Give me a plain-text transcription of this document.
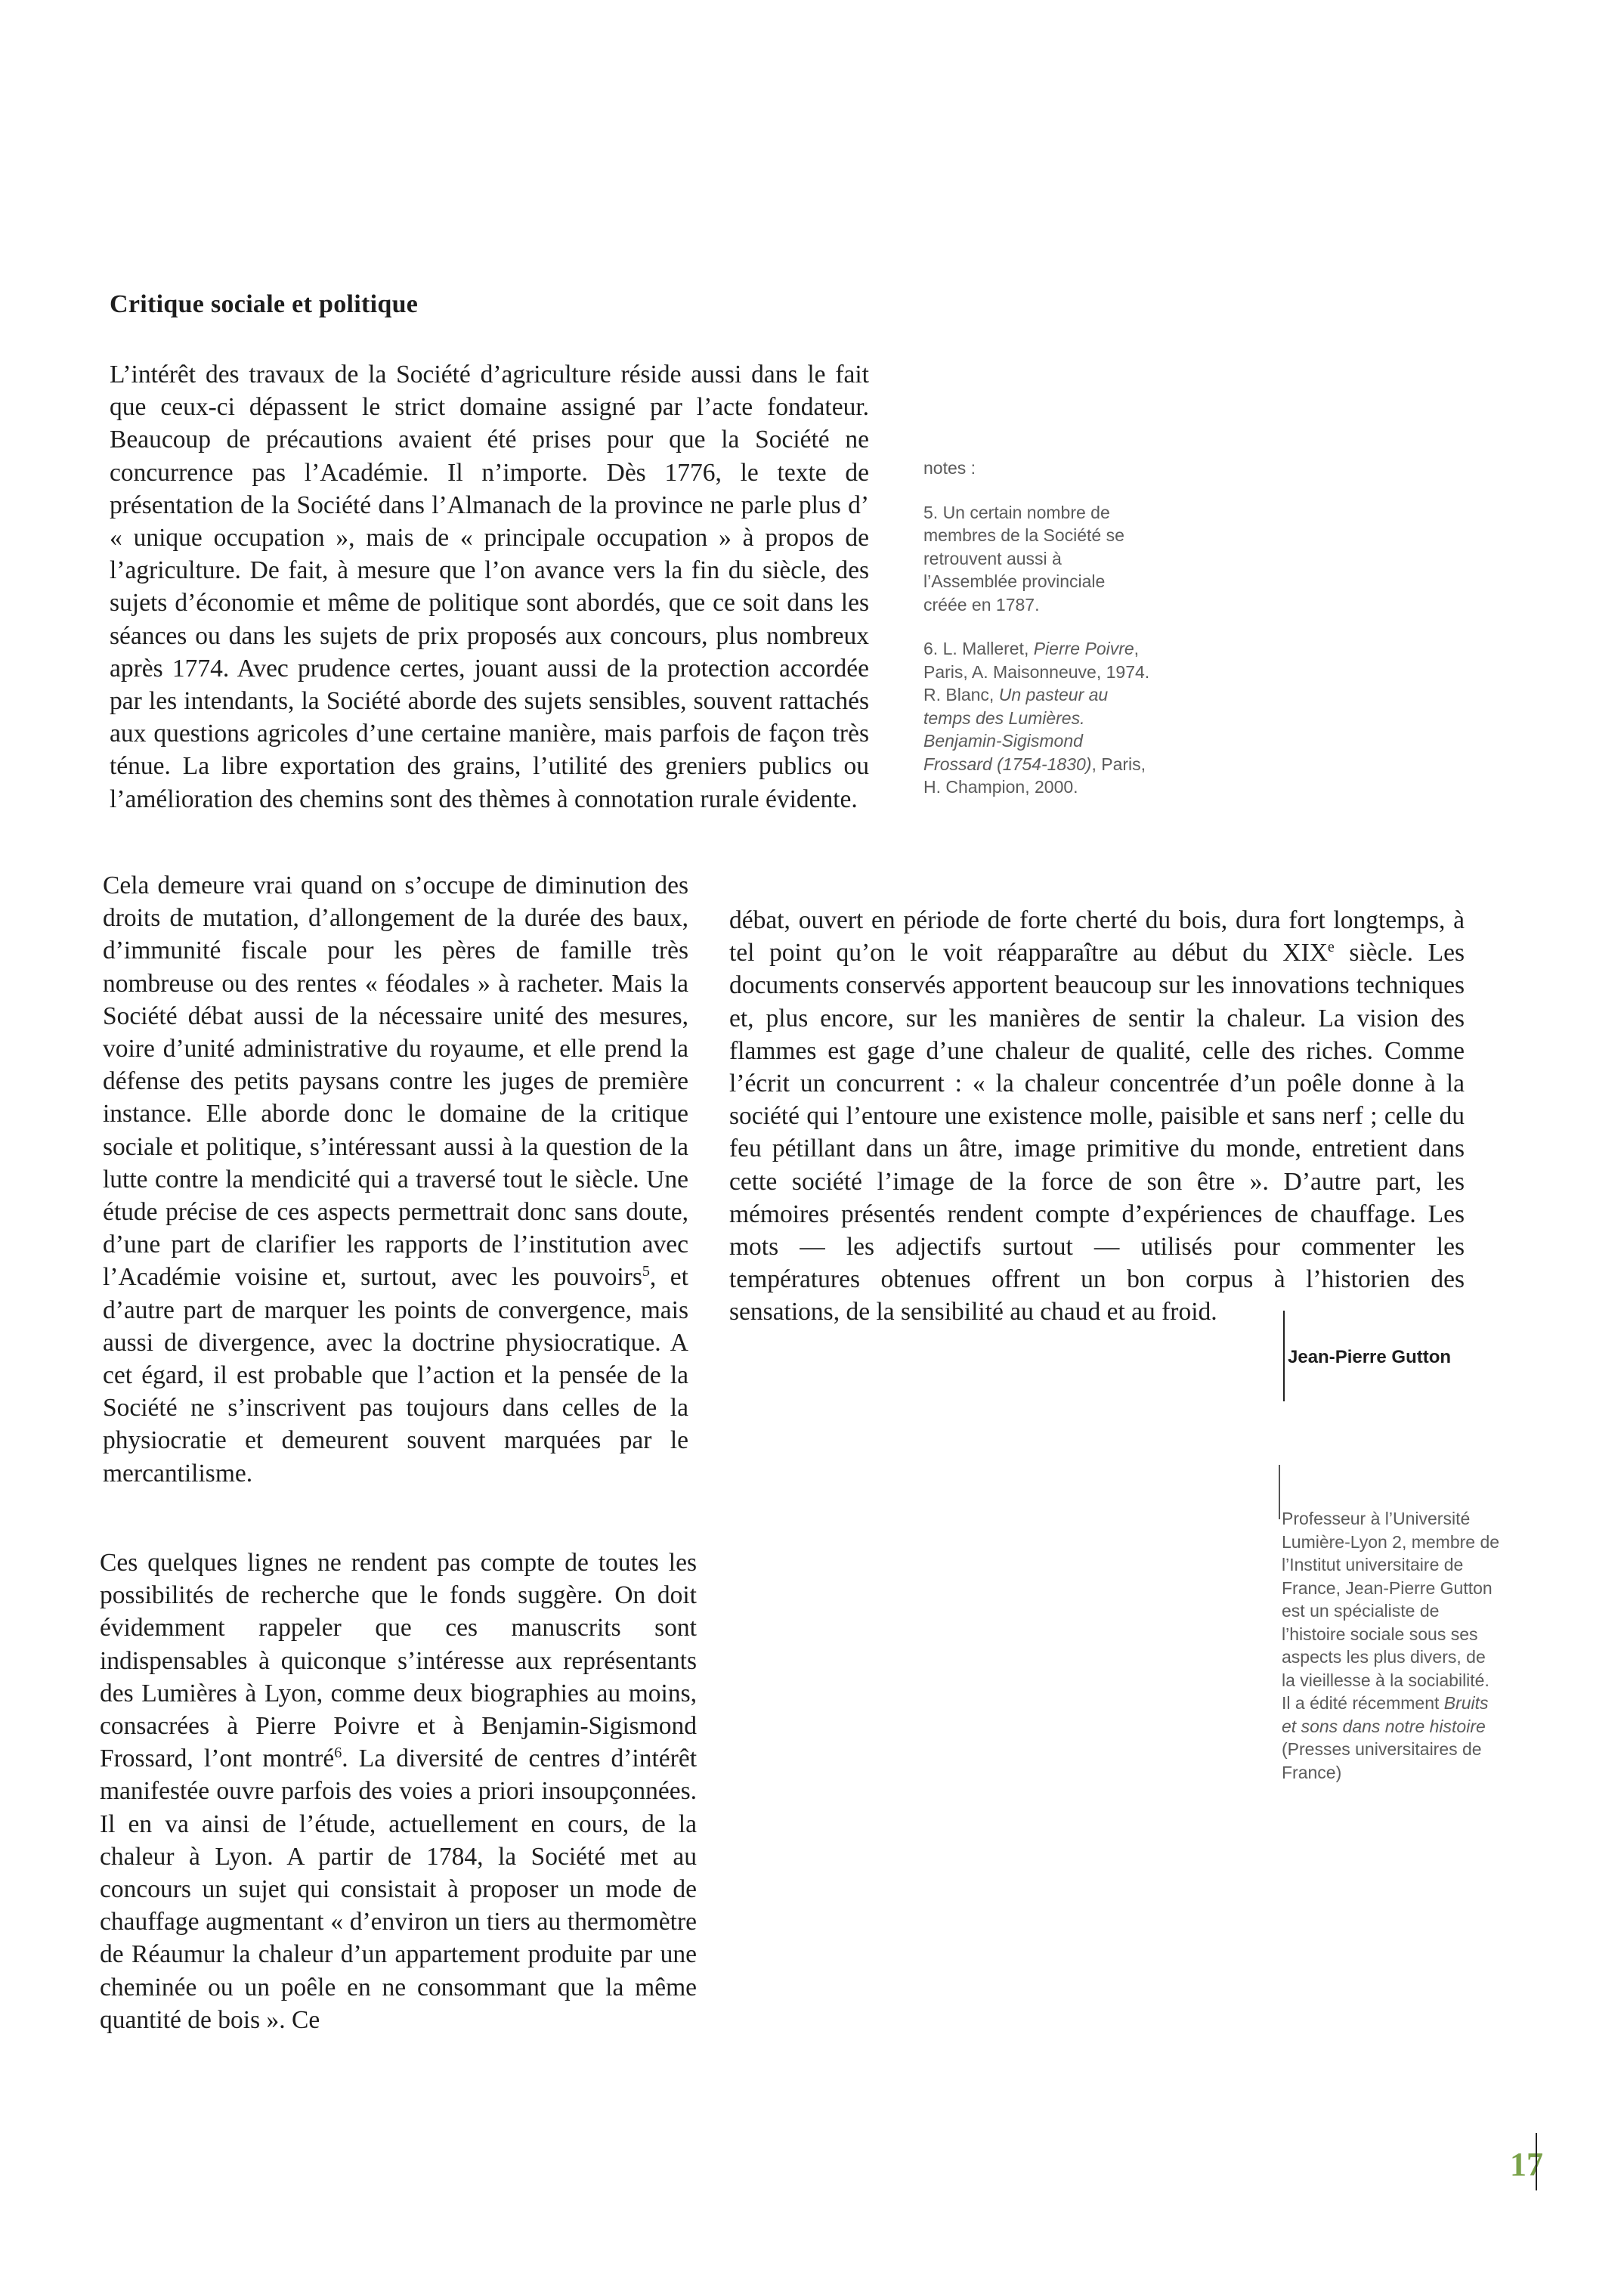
Critique sociale et politique

L’intérêt des travaux de la Société d’agriculture réside aussi dans le fait que ceux-ci dépassent le strict domaine assigné par l’acte fondateur. Beaucoup de précautions avaient été prises pour que la Société ne concurrence pas l’Académie. Il n’importe. Dès 1776, le texte de présentation de la Société dans l’Almanach de la province ne parle plus d’ « unique occupation », mais de « principale occupation » à propos de l’agriculture. De fait, à mesure que l’on avance vers la fin du siècle, des sujets d’économie et même de politique sont abordés, que ce soit dans les séances ou dans les sujets de prix proposés aux concours, plus nombreux après 1774. Avec prudence certes, jouant aussi de la protection accordée par les intendants, la Société aborde des sujets sensibles, souvent rattachés aux questions agricoles d’une certaine manière, mais parfois de façon très ténue. La libre exportation des grains, l’utilité des greniers publics ou l’amélioration des chemins sont des thèmes à connotation rurale évidente.

Cela demeure vrai quand on s’occupe de diminution des droits de mutation, d’allongement de la durée des baux, d’immunité fiscale pour les pères de famille très nombreuse ou des rentes « féodales » à racheter. Mais la Société débat aussi de la nécessaire unité des mesures, voire d’unité administrative du royaume, et elle prend la défense des petits paysans contre les juges de première instance. Elle aborde donc le domaine de la critique sociale et politique, s’intéressant aussi à la question de la lutte contre la mendicité qui a traversé tout le siècle. Une étude précise de ces aspects permettrait donc sans doute, d’une part de clarifier les rapports de l’institution avec l’Académie voisine et, surtout, avec les pouvoirs$^5$, et d’autre part de marquer les points de convergence, mais aussi de divergence, avec la doctrine physiocratique. A cet égard, il est probable que l’action et la pensée de la Société ne s’inscrivent pas toujours dans celles de la physiocratie et demeurent souvent marquées par le mercantilisme.

Ces quelques lignes ne rendent pas compte de toutes les possibilités de recherche que le fonds suggère. On doit évidemment rappeler que ces manuscrits sont indispensables à quiconque s’intéresse aux représentants des Lumières à Lyon, comme deux biographies au moins, consacrées à Pierre Poivre et à Benjamin-Sigismond Frossard, l’ont montré$^6$. La diversité de centres d’intérêt manifestée ouvre parfois des voies a priori insoupçonnées. Il en va ainsi de l’étude, actuellement en cours, de la chaleur à Lyon. A partir de 1784, la Société met au concours un sujet qui consistait à proposer un mode de chauffage augmentant « d’environ un tiers au thermomètre de Réaumur la chaleur d’un appartement produite par une cheminée ou un poêle en ne consommant que la même quantité de bois ». Ce

débat, ouvert en période de forte cherté du bois, dura fort longtemps, à tel point qu’on le voit réapparaître au début du XIXe siècle. Les documents conservés apportent beaucoup sur les innovations techniques et, plus encore, sur les manières de sentir la chaleur. La vision des flammes est gage d’une chaleur de qualité, celle des riches. Comme l’écrit un concurrent : « la chaleur concentrée d’un poêle donne à la société qui l’entoure une existence molle, paisible et sans nerf ; celle du feu pétillant dans un âtre, image primitive du monde, entretient dans cette société l’image de la force de son être ». D’autre part, les mémoires présentés rendent compte d’expériences de chauffage. Les mots — les adjectifs surtout — utilisés pour commenter les températures obtenues offrent un bon corpus à l’historien des sensations, de la sensibilité au chaud et au froid.

notes :

5. Un certain nombre de membres de la Société se retrouvent aussi à l’Assemblée provinciale créée en 1787.

6. L. Malleret, Pierre Poivre, Paris, A. Maisonneuve, 1974. R. Blanc, Un pasteur au temps des Lumières. Benjamin-Sigismond Frossard (1754-1830), Paris, H. Champion, 2000.

Jean-Pierre Gutton
Professeur à l’Université Lumière-Lyon 2, membre de l’Institut universitaire de France, Jean-Pierre Gutton est un spécialiste de l’histoire sociale sous ses aspects les plus divers, de la vieillesse à la sociabilité. Il a édité récemment Bruits et sons dans notre histoire (Presses universitaires de France)
17
